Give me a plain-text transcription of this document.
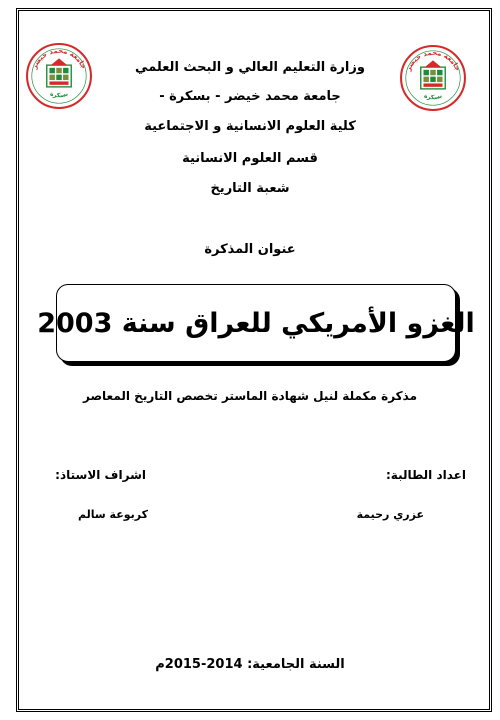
جامعة محمد خيضر
بسكرة
جامعة محمد خيضر
بسكرة
وزارة التعليم العالي و البحث العلمي
جامعة محمد خيضر - بسكرة -
كلية العلوم الانسانية و الاجتماعية
قسم العلوم الانسانية
شعبة التاريخ
عنوان المذكرة
الغزو الأمريكي للعراق سنة 2003
مذكرة مكملة لنيل شهادة الماستر تخصص التاريخ المعاصر
اعداد الطالبة:
اشراف الاستاذ:
عزري رحيمة
كربوعة سالم
السنة الجامعية: 2014-2015م
